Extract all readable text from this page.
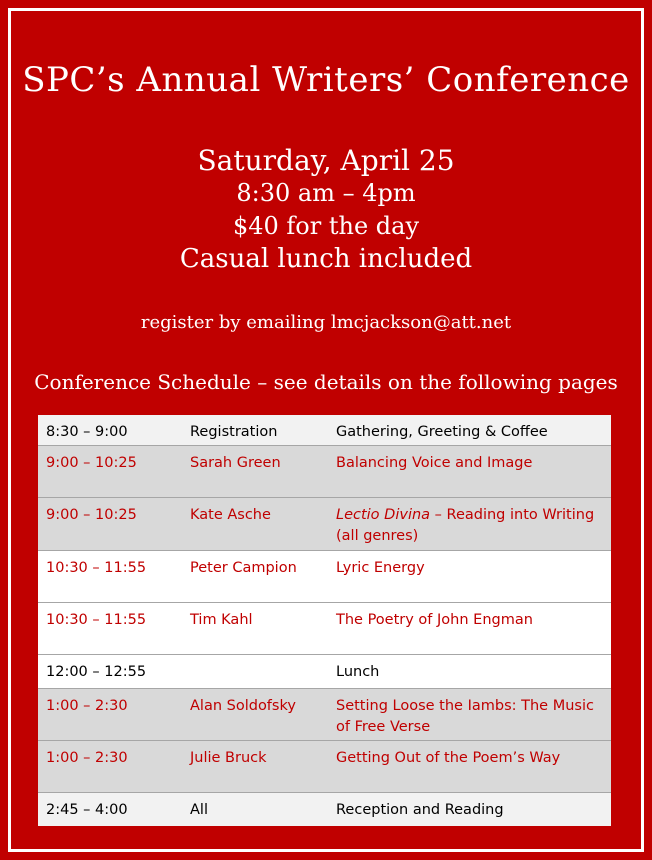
SPC’s Annual Writers’ Conference
Saturday, April 25
8:30 am – 4pm
$40 for the day
Casual lunch included
register by emailing lmcjackson@att.net
Conference Schedule – see details on the following pages
8:30 – 9:00	Registration	Gathering, Greeting & Coffee
9:00 – 10:25	Sarah Green	Balancing Voice and Image
9:00 – 10:25	Kate Asche	Lectio Divina – Reading into Writing (all genres)
10:30 – 11:55	Peter Campion	Lyric Energy
10:30 – 11:55	Tim Kahl	The Poetry of John Engman
12:00 – 12:55		Lunch
1:00 – 2:30	Alan Soldofsky	Setting Loose the Iambs: The Music of Free Verse
1:00 – 2:30	Julie Bruck	Getting Out of the Poem’s Way
2:45 – 4:00	All	Reception and Reading
